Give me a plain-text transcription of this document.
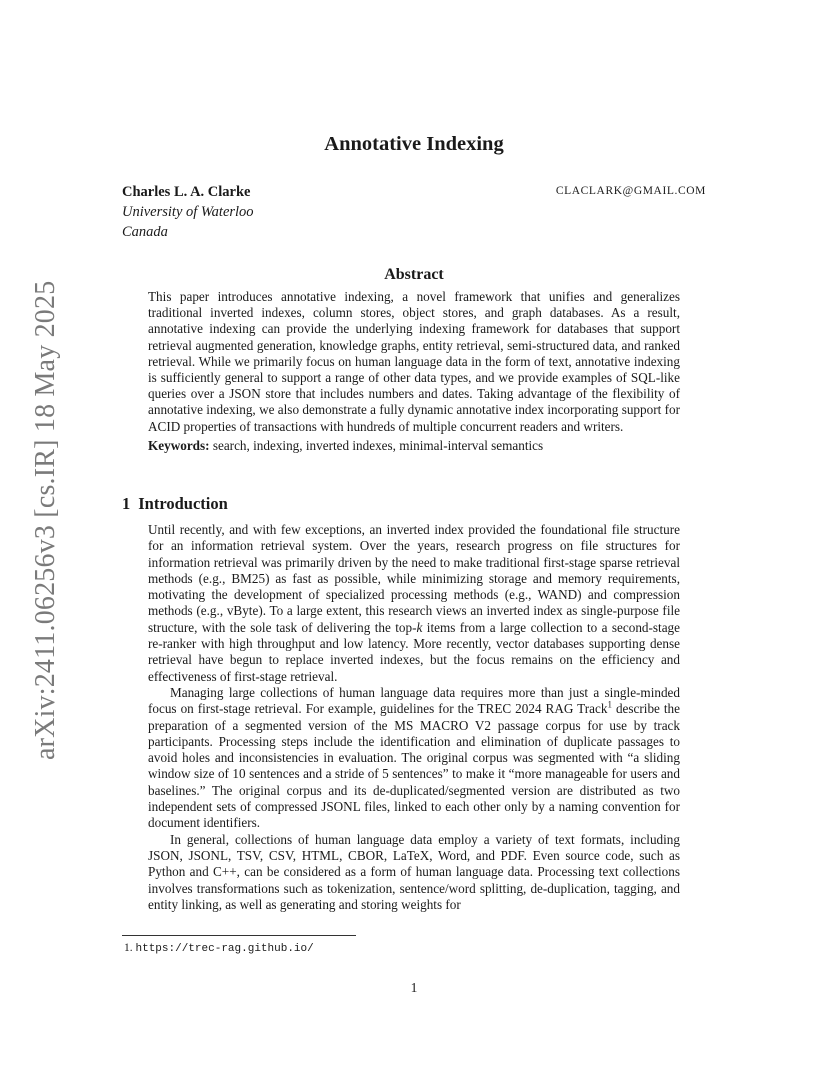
arXiv:2411.06256v3 [cs.IR] 18 May 2025
Annotative Indexing
Charles L. A. Clarke
University of Waterloo
Canada
CLACLARK@GMAIL.COM
Abstract

This paper introduces annotative indexing, a novel framework that unifies and generalizes traditional inverted indexes, column stores, object stores, and graph databases. As a result, annotative indexing can provide the underlying indexing framework for databases that support retrieval augmented generation, knowledge graphs, entity retrieval, semi-structured data, and ranked retrieval. While we primarily focus on human language data in the form of text, annotative indexing is sufficiently general to support a range of other data types, and we provide examples of SQL-like queries over a JSON store that includes numbers and dates. Taking advantage of the flexibility of annotative indexing, we also demonstrate a fully dynamic annotative index incorporating support for ACID properties of transactions with hundreds of multiple concurrent readers and writers.

Keywords: search, indexing, inverted indexes, minimal-interval semantics

1 Introduction

Until recently, and with few exceptions, an inverted index provided the foundational file structure for an information retrieval system. Over the years, research progress on file structures for information retrieval was primarily driven by the need to make traditional first-stage sparse retrieval methods (e.g., BM25) as fast as possible, while minimizing storage and memory requirements, motivating the development of specialized processing methods (e.g., WAND) and compression methods (e.g., vByte). To a large extent, this research views an inverted index as single-purpose file structure, with the sole task of delivering the top-k items from a large collection to a second-stage re-ranker with high throughput and low latency. More recently, vector databases supporting dense retrieval have begun to replace inverted indexes, but the focus remains on the efficiency and effectiveness of first-stage retrieval.

Managing large collections of human language data requires more than just a single-minded focus on first-stage retrieval. For example, guidelines for the TREC 2024 RAG Track$^1$ describe the preparation of a segmented version of the MS MACRO V2 passage corpus for use by track participants. Processing steps include the identification and elimination of duplicate passages to avoid holes and inconsistencies in evaluation. The original corpus was segmented with “a sliding window size of 10 sentences and a stride of 5 sentences” to make it “more manageable for users and baselines.” The original corpus and its de-duplicated/segmented version are distributed as two independent sets of compressed JSONL files, linked to each other only by a naming convention for document identifiers.

In general, collections of human language data employ a variety of text formats, including JSON, JSONL, TSV, CSV, HTML, CBOR, LaTeX, Word, and PDF. Even source code, such as Python and C++, can be considered as a form of human language data. Processing text collections involves transformations such as tokenization, sentence/word splitting, de-duplication, tagging, and entity linking, as well as generating and storing weights for

1. https://trec-rag.github.io/
1
